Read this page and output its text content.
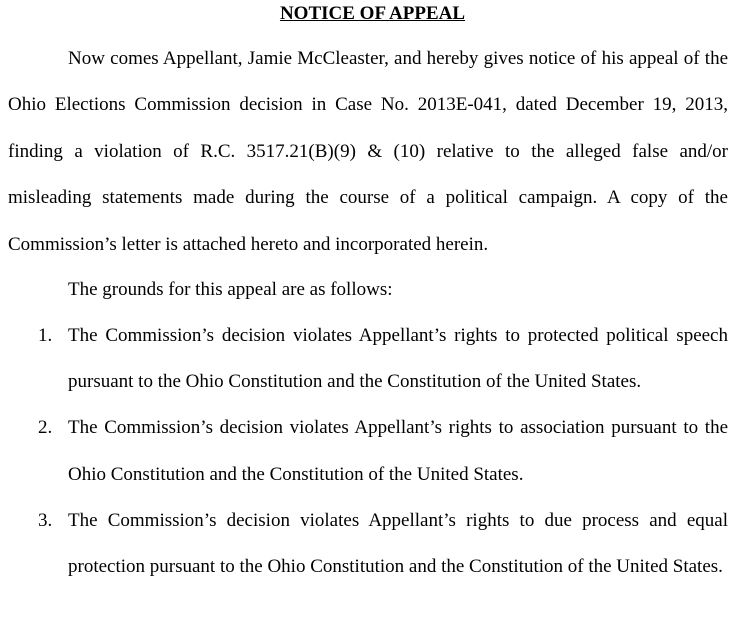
NOTICE OF APPEAL

Now comes Appellant, Jamie McCleaster, and hereby gives notice of his appeal of the Ohio Elections Commission decision in Case No. 2013E-041, dated December 19, 2013, finding a violation of R.C. 3517.21(B)(9) & (10) relative to the alleged false and/or misleading statements made during the course of a political campaign. A copy of the Commission’s letter is attached hereto and incorporated herein.

The grounds for this appeal are as follows:

1. The Commission’s decision violates Appellant’s rights to protected political speech pursuant to the Ohio Constitution and the Constitution of the United States.
2. The Commission’s decision violates Appellant’s rights to association pursuant to the Ohio Constitution and the Constitution of the United States.
3. The Commission’s decision violates Appellant’s rights to due process and equal protection pursuant to the Ohio Constitution and the Constitution of the United States.
